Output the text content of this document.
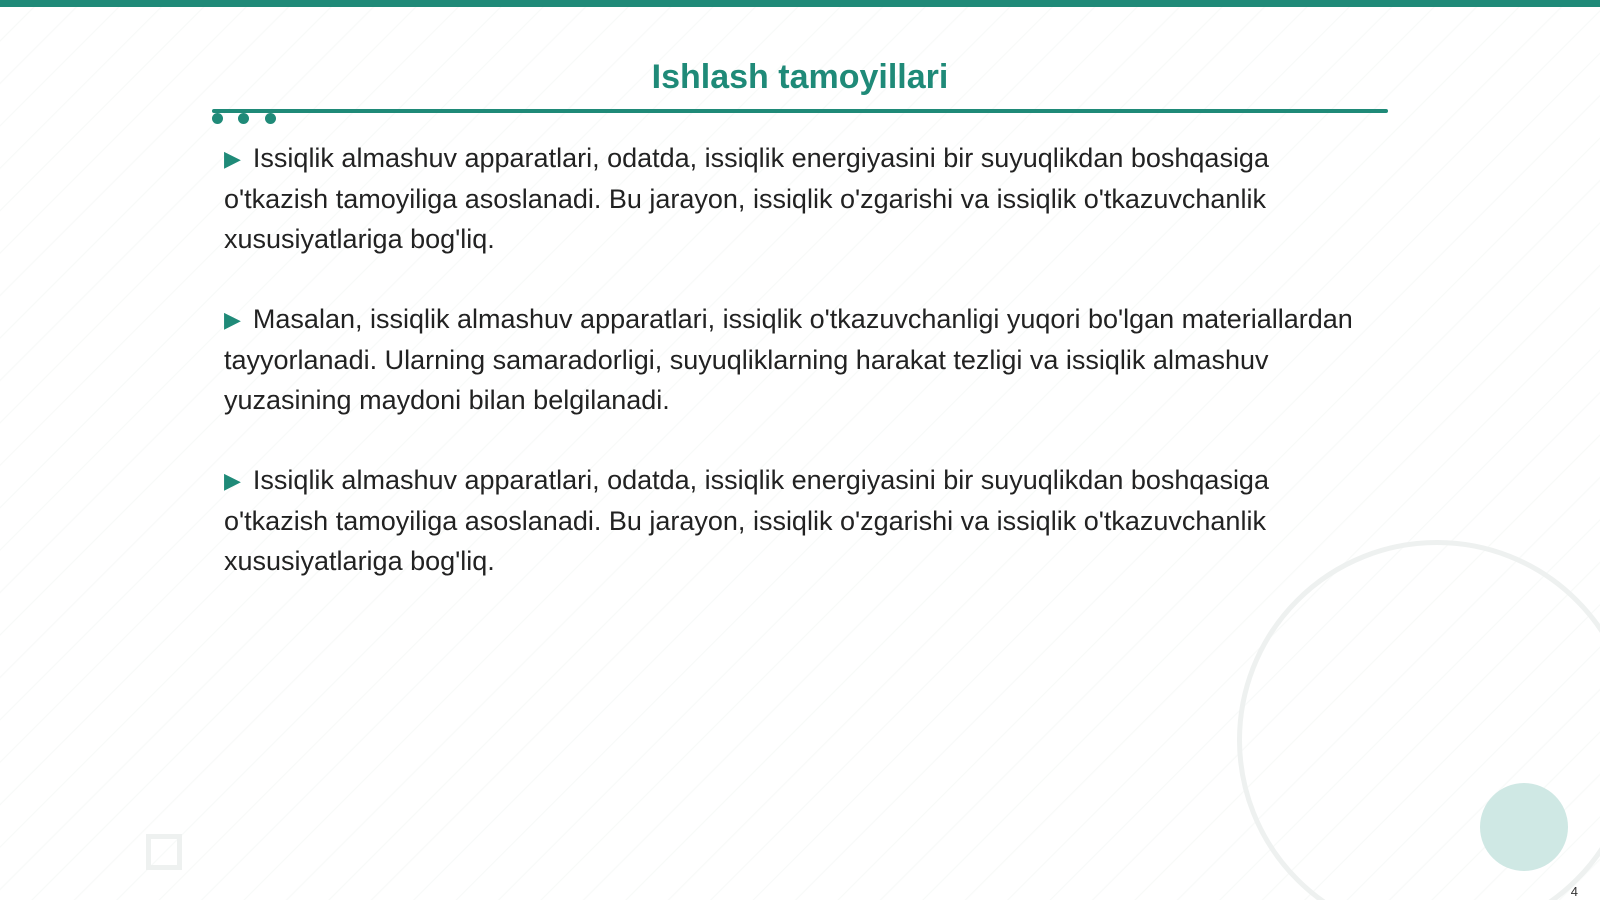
Ishlash tamoyillari

▶ Issiqlik almashuv apparatlari, odatda, issiqlik energiyasini bir suyuqlikdan boshqasiga o'tkazish tamoyiliga asoslanadi. Bu jarayon, issiqlik o'zgarishi va issiqlik o'tkazuvchanlik xususiyatlariga bog'liq.

▶ Masalan, issiqlik almashuv apparatlari, issiqlik o'tkazuvchanligi yuqori bo'lgan materiallardan tayyorlanadi. Ularning samaradorligi, suyuqliklarning harakat tezligi va issiqlik almashuv yuzasining maydoni bilan belgilanadi.

▶ Issiqlik almashuv apparatlari, odatda, issiqlik energiyasini bir suyuqlikdan boshqasiga o'tkazish tamoyiliga asoslanadi. Bu jarayon, issiqlik o'zgarishi va issiqlik o'tkazuvchanlik xususiyatlariga bog'liq.

4
